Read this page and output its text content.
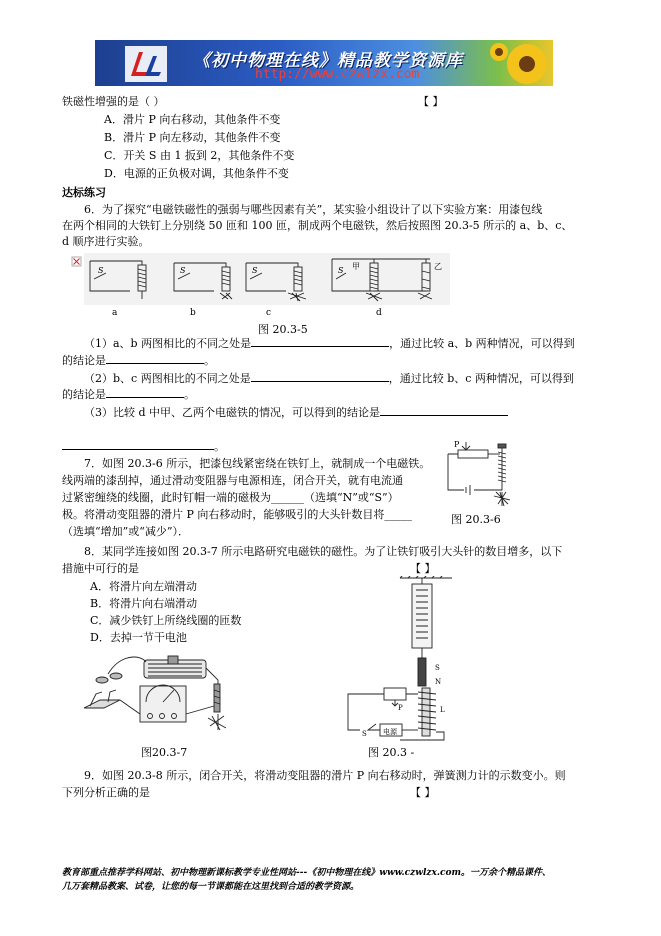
《初中物理在线》精品教学资源库
http://www.czwlzx.com
铁磁性增强的是（ ）	【 】
A．滑片 P 向右移动，其他条件不变
B．滑片 P 向左移动，其他条件不变
C．开关 S 由 1 扳到 2，其他条件不变
D．电源的正负极对调，其他条件不变
达标练习
6．为了探究“电磁铁磁性的强弱与哪些因素有关”，某实验小组设计了以下实验方案：用漆包线
在两个相同的大铁钉上分别绕 50 匝和 100 匝，制成两个电磁铁，然后按照图 20.3-5 所示的 a、b、c、
d 顺序进行实验。
S	S	S	S 甲	乙
a	b	c	d
图 20.3-5
（1）a、b 两图相比的不同之处是	，通过比较 a、b 两种情况，可以得到
的结论是	。
（2）b、c 两图相比的不同之处是	，通过比较 b、c 两种情况，可以得到
的结论是	。
（3）比较 d 中甲、乙两个电磁铁的情况，可以得到的结论是
。
7．如图 20.3-6 所示，把漆包线紧密绕在铁钉上，就制成一个电磁铁。
线两端的漆刮掉，通过滑动变阻器与电源相连，闭合开关，就有电流通
过紧密缠绕的线圈，此时钉帽一端的磁极为______（选填“N”或“S”）
极。将滑动变阻器的滑片 P 向右移动时，能够吸引的大头针数目将_____
（选填“增加”或“减少”）．
P
图 20.3-6
8．某同学连接如图 20.3-7 所示电路研究电磁铁的磁性。为了让铁钉吸引大头针的数目增多，以下
措施中可行的是	【 】
A．将滑片向左端滑动
B．将滑片向右端滑动
C．减少铁钉上所绕线圈的匝数
D．去掉一节干电池
图20.3-7
S
N
P	L
S 电源
图 20.3 -
9．如图 20.3-8 所示，闭合开关，将滑动变阻器的滑片 P 向右移动时，弹簧测力计的示数变小。则
下列分析正确的是	【 】
教育部重点推荐学科网站、初中物理新课标教学专业性网站---《初中物理在线》www.czwlzx.com。一万余个精品课件、
几万套精品教案、试卷，让您的每一节课都能在这里找到合适的教学资源。
